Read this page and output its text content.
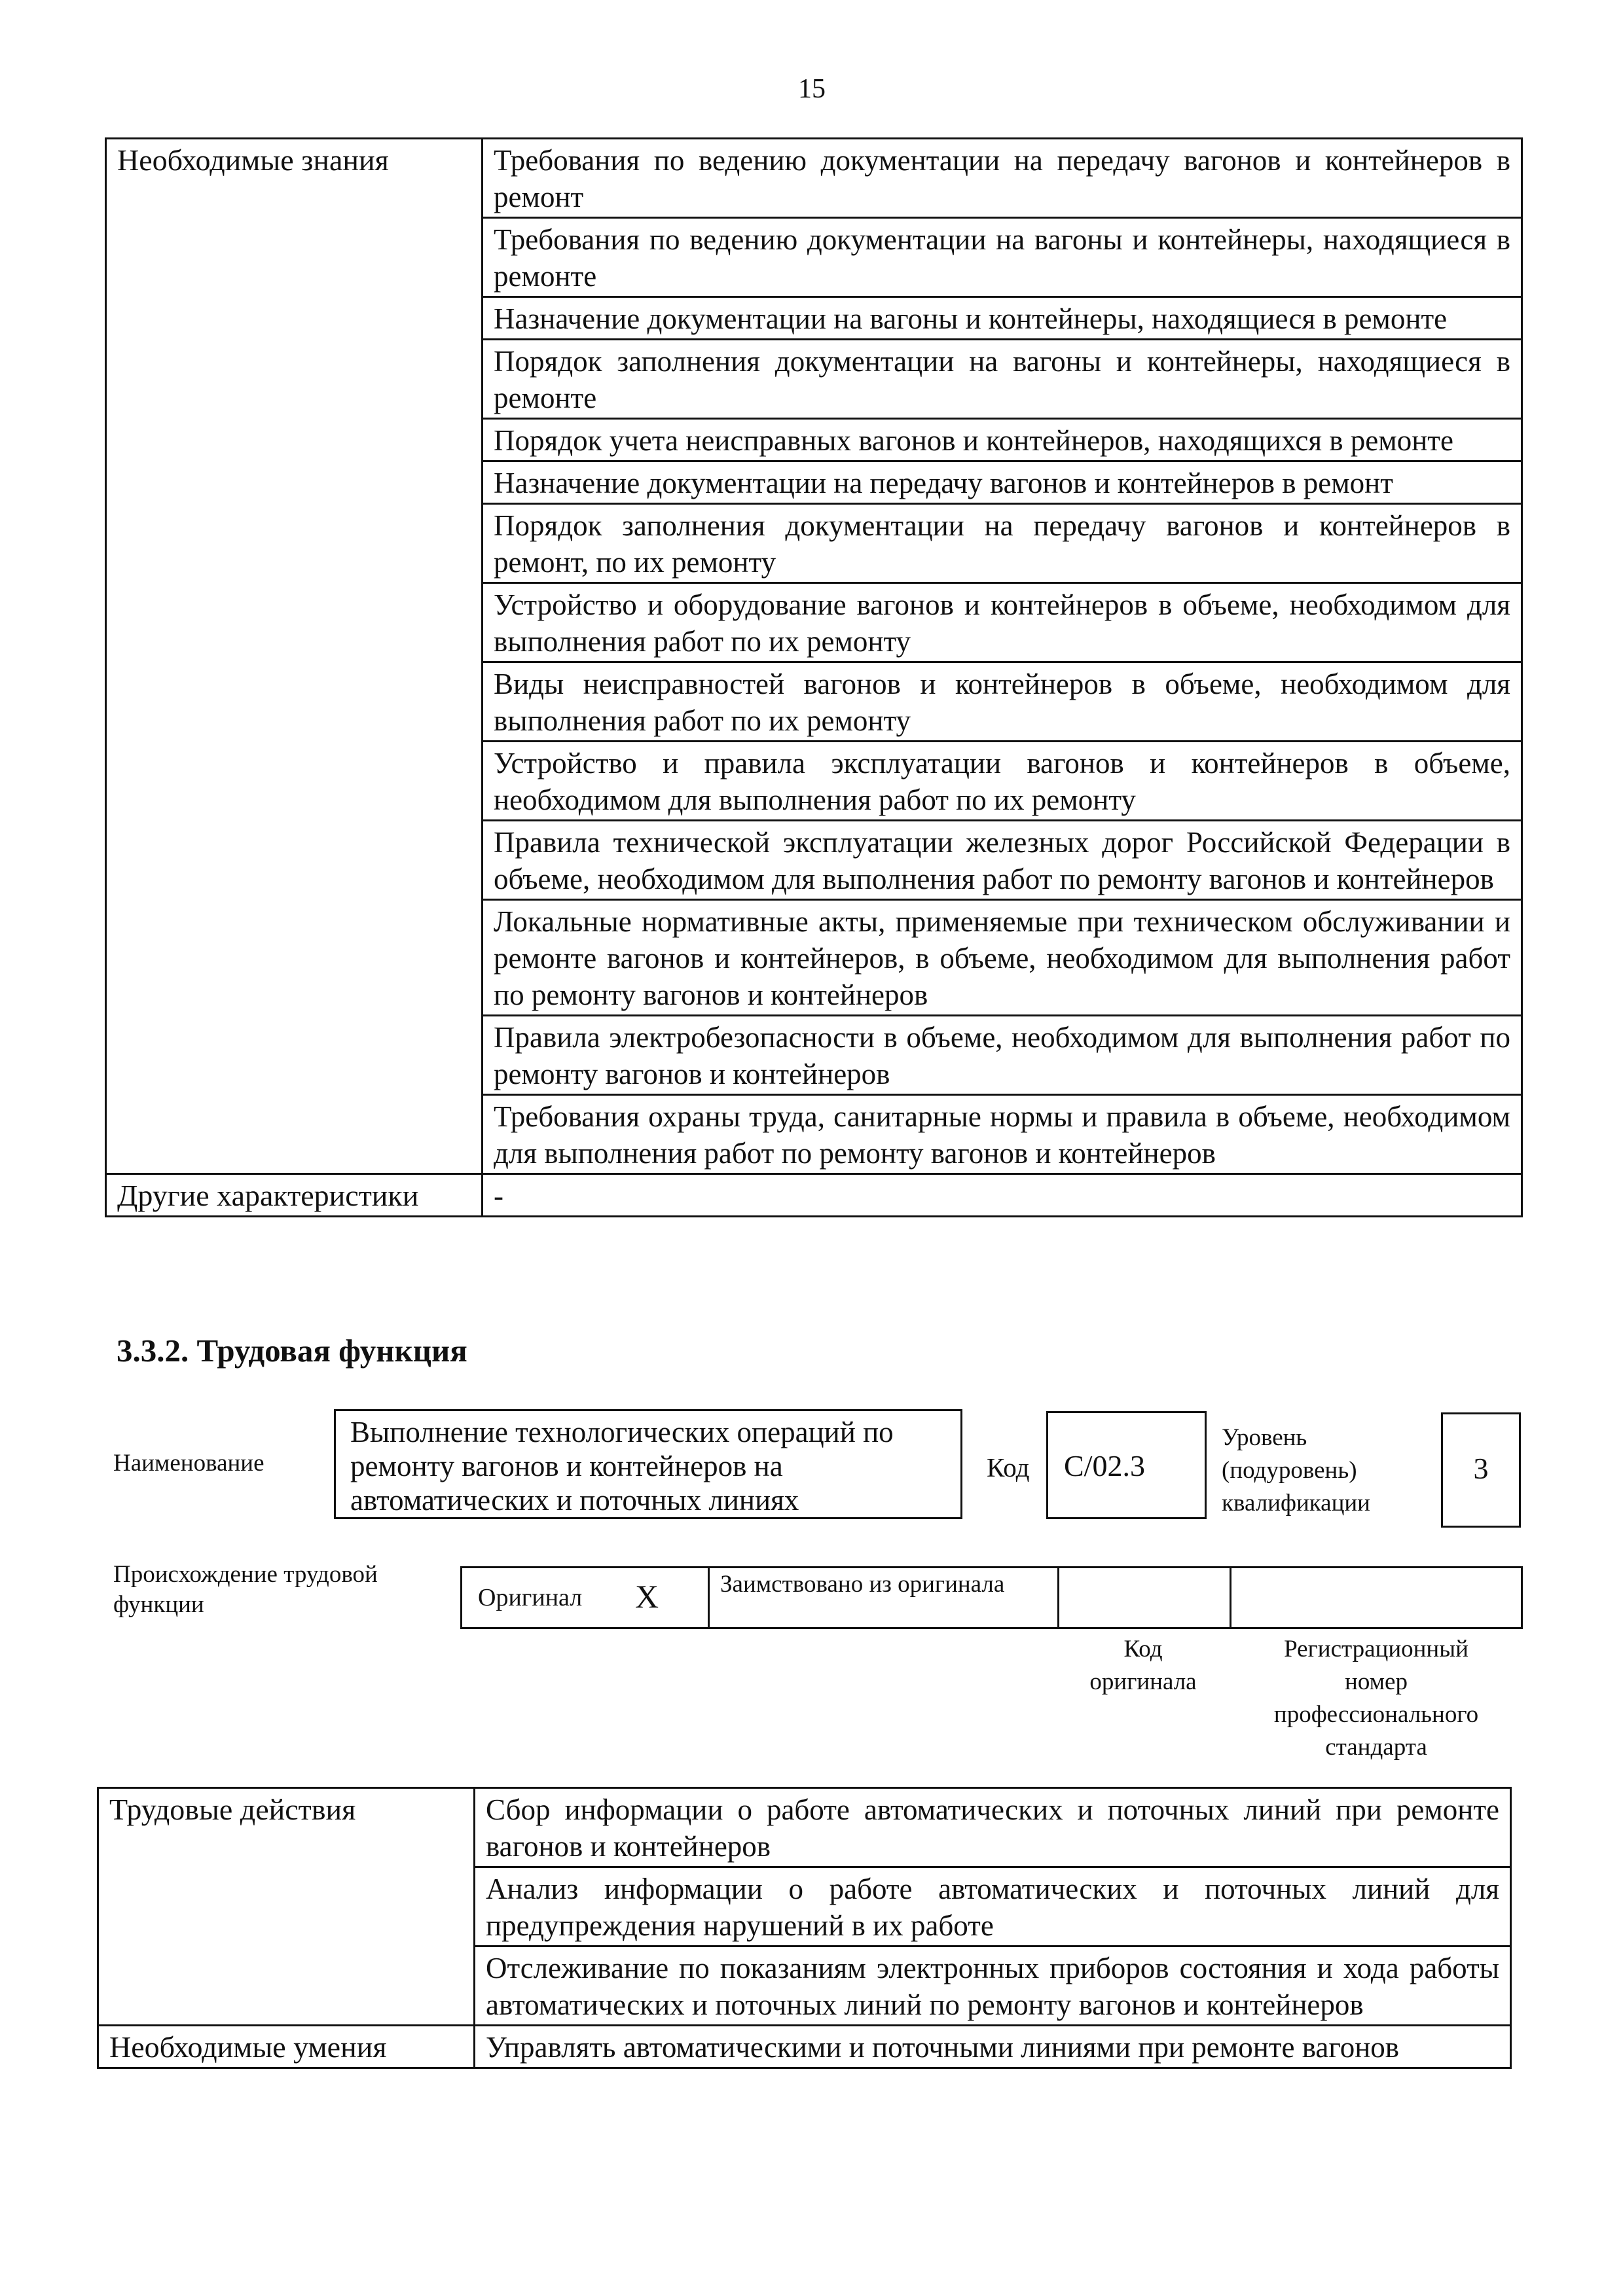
15
Необходимые знания	Требования по ведению документации на передачу вагонов и контейнеров в ремонт
	Требования по ведению документации на вагоны и контейнеры, находящиеся в ремонте
	Назначение документации на вагоны и контейнеры, находящиеся в ремонте
	Порядок заполнения документации на вагоны и контейнеры, находящиеся в ремонте
	Порядок учета неисправных вагонов и контейнеров, находящихся в ремонте
	Назначение документации на передачу вагонов и контейнеров в ремонт
	Порядок заполнения документации на передачу вагонов и контейнеров в ремонт, по их ремонту
	Устройство и оборудование вагонов и контейнеров в объеме, необходимом для выполнения работ по их ремонту
	Виды неисправностей вагонов и контейнеров в объеме, необходимом для выполнения работ по их ремонту
	Устройство и правила эксплуатации вагонов и контейнеров в объеме, необходимом для выполнения работ по их ремонту
	Правила технической эксплуатации железных дорог Российской Федерации в объеме, необходимом для выполнения работ по ремонту вагонов и контейнеров
	Локальные нормативные акты, применяемые при техническом обслуживании и ремонте вагонов и контейнеров, в объеме, необходимом для выполнения работ по ремонту вагонов и контейнеров
	Правила электробезопасности в объеме, необходимом для выполнения работ по ремонту вагонов и контейнеров
	Требования охраны труда, санитарные нормы и правила в объеме, необходимом для выполнения работ по ремонту вагонов и контейнеров
Другие характеристики	-
3.3.2. Трудовая функция
Наименование
Выполнение технологических операций по ремонту вагонов и контейнеров на автоматических и поточных линиях
Код	С/02.3
Уровень (подуровень) квалификации
3
Происхождение трудовой функции	Оригинал X	Заимствовано из оригинала
Код оригинала
Регистрационный номер профессионального стандарта
Трудовые действия	Сбор информации о работе автоматических и поточных линий при ремонте вагонов и контейнеров
	Анализ информации о работе автоматических и поточных линий для предупреждения нарушений в их работе
	Отслеживание по показаниям электронных приборов состояния и хода работы автоматических и поточных линий по ремонту вагонов и контейнеров
Необходимые умения	Управлять автоматическими и поточными линиями при ремонте вагонов
